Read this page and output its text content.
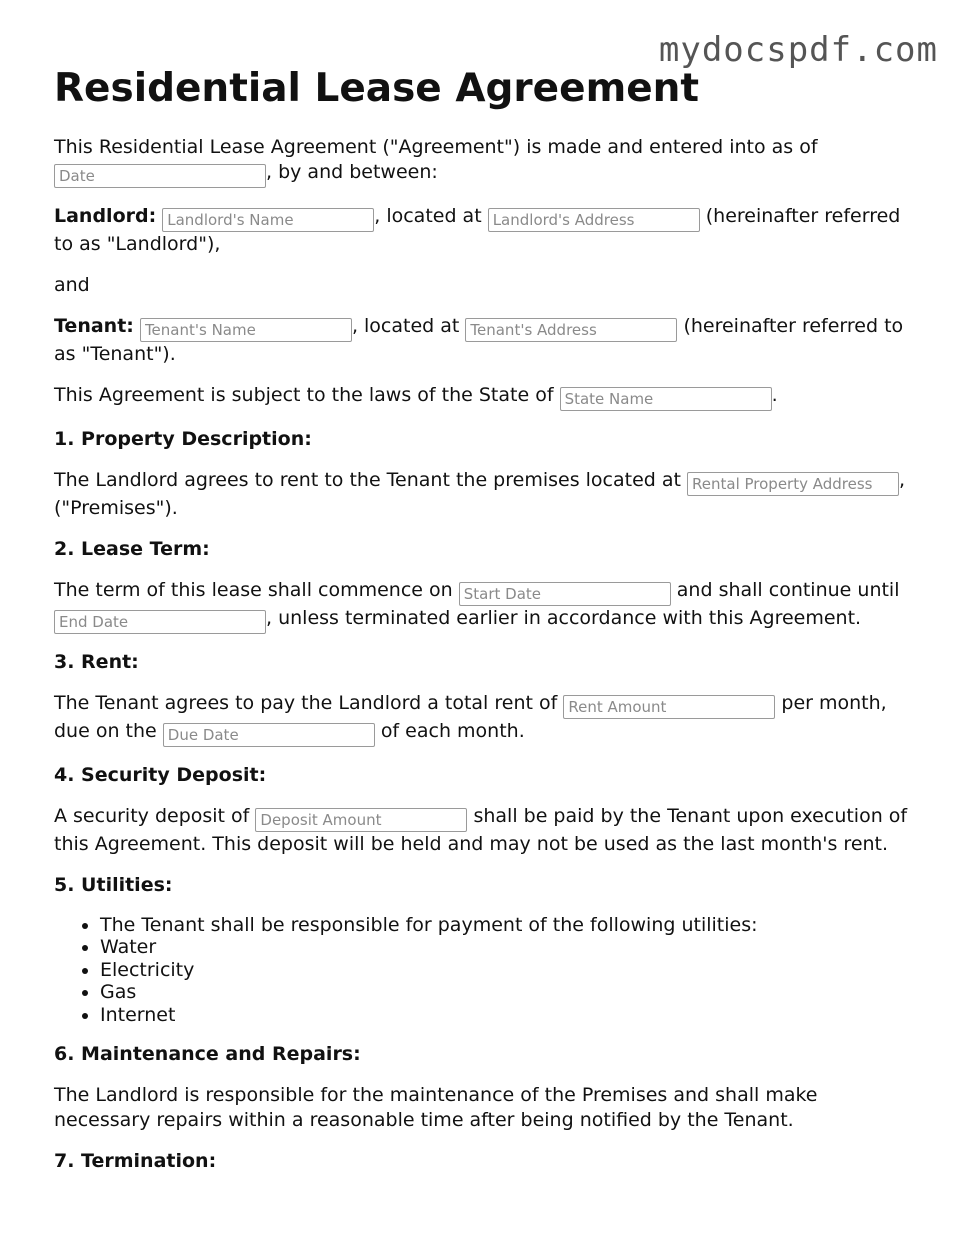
mydocspdf.com
Residential Lease Agreement

This Residential Lease Agreement ("Agreement") is made and entered into as of Date, by and between:

Landlord: Landlord's Name	, located at Landlord's Address	(hereinafter referred to as "Landlord"),

and

Tenant: Tenant's Name	, located at Tenant's Address	(hereinafter referred to as "Tenant").

This Agreement is subject to the laws of the State of State Name	.

1. Property Description:

The Landlord agrees to rent to the Tenant the premises located at Rental Property Address	, ("Premises").

2. Lease Term:

The term of this lease shall commence on Start Date	and shall continue until End Date, unless terminated earlier in accordance with this Agreement.

3. Rent:

The Tenant agrees to pay the Landlord a total rent of Rent Amount	per month, due on the Due Date	of each month.

4. Security Deposit:

A security deposit of Deposit Amount	shall be paid by the Tenant upon execution of this Agreement. This deposit will be held and may not be used as the last month's rent.

5. Utilities:

• The Tenant shall be responsible for payment of the following utilities:
• Water
• Electricity
• Gas
• Internet

6. Maintenance and Repairs:

The Landlord is responsible for the maintenance of the Premises and shall make necessary repairs within a reasonable time after being notified by the Tenant.

7. Termination:
